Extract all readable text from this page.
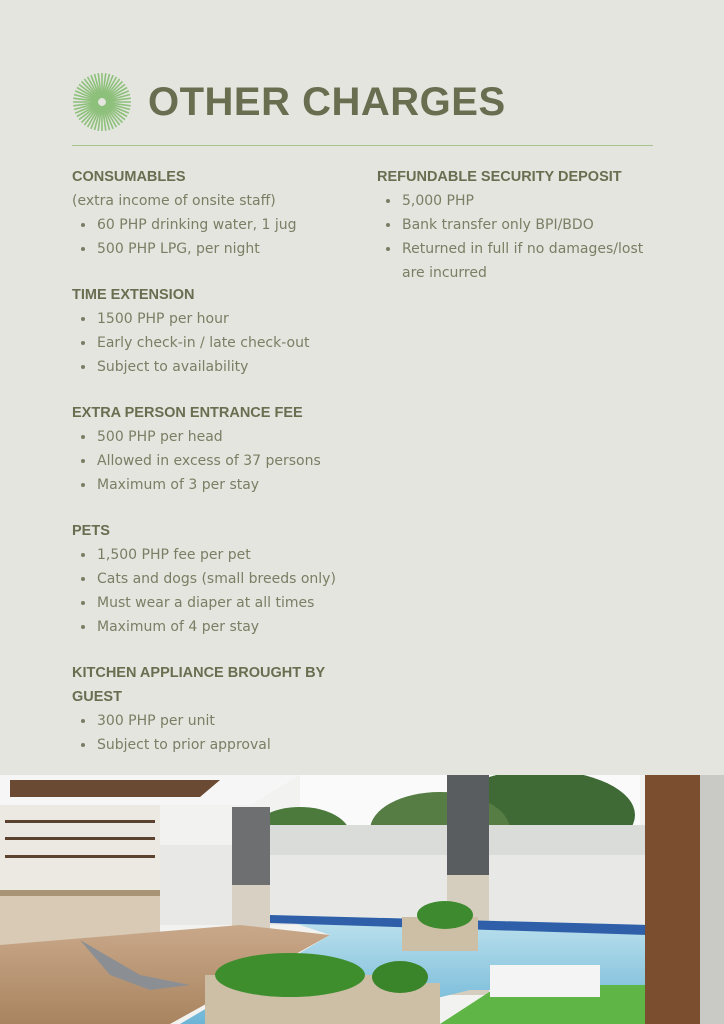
OTHER CHARGES

CONSUMABLES

(extra income of onsite staff)

60 PHP drinking water, 1 jug
500 PHP LPG, per night

TIME EXTENSION

1500 PHP per hour
Early check-in / late check-out
Subject to availability

EXTRA PERSON ENTRANCE FEE

500 PHP per head
Allowed in excess of 37 persons
Maximum of 3 per stay

PETS

1,500 PHP fee per pet
Cats and dogs (small breeds only)
Must wear a diaper at all times
Maximum of 4 per stay

KITCHEN APPLIANCE BROUGHT BY GUEST

300 PHP per unit
Subject to prior approval

REFUNDABLE SECURITY DEPOSIT

5,000 PHP
Bank transfer only BPI/BDO
Returned in full if no damages/lost are incurred
